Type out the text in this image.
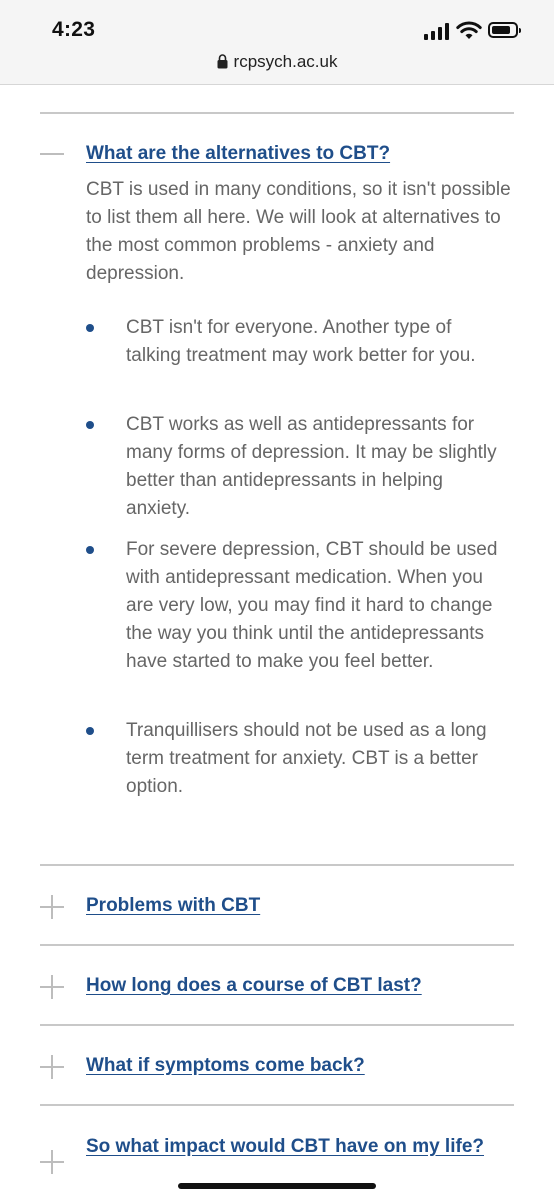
4:23
rcpsych.ac.uk
What are the alternatives to CBT?
CBT is used in many conditions, so it isn't possible to list them all here. We will look at alternatives to the most common problems - anxiety and depression.
CBT isn't for everyone. Another type of talking treatment may work better for you.
CBT works as well as antidepressants for many forms of depression. It may be slightly better than antidepressants in helping anxiety.
For severe depression, CBT should be used with antidepressant medication. When you are very low, you may find it hard to change the way you think until the antidepressants have started to make you feel better.
Tranquillisers should not be used as a long term treatment for anxiety. CBT is a better option.
Problems with CBT
How long does a course of CBT last?
What if symptoms come back?
So what impact would CBT have on my life?
